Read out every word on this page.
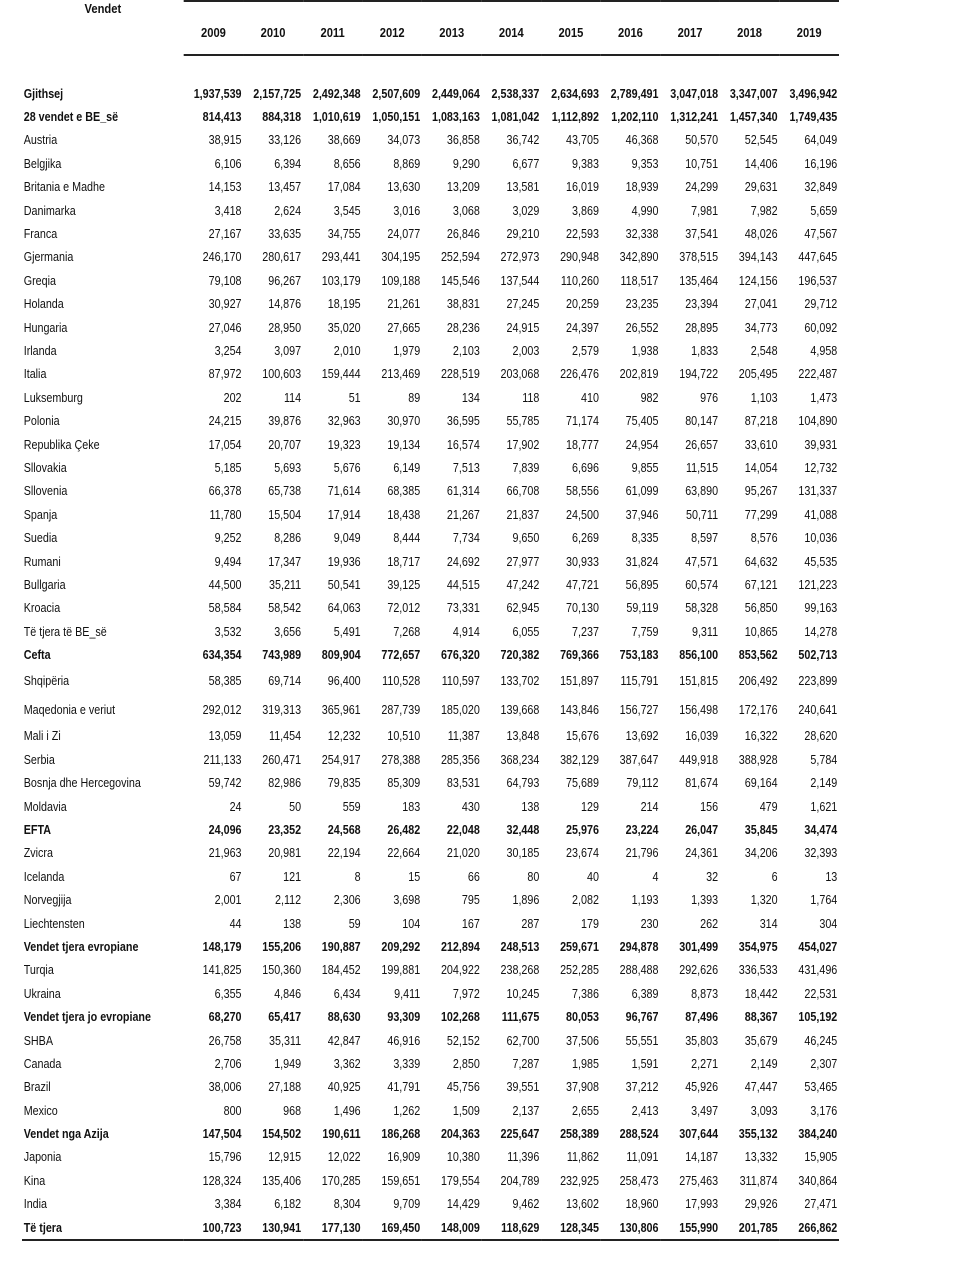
Vendet											
	2009	2010	2011	2012	2013	2014	2015	2016	2017	2018	2019

Gjithsej	1,937,539	2,157,725	2,492,348	2,507,609	2,449,064	2,538,337	2,634,693	2,789,491	3,047,018	3,347,007	3,496,942
28 vendet e BE_së	814,413	884,318	1,010,619	1,050,151	1,083,163	1,081,042	1,112,892	1,202,110	1,312,241	1,457,340	1,749,435
Austria	38,915	33,126	38,669	34,073	36,858	36,742	43,705	46,368	50,570	52,545	64,049
Belgjika	6,106	6,394	8,656	8,869	9,290	6,677	9,383	9,353	10,751	14,406	16,196
Britania e Madhe	14,153	13,457	17,084	13,630	13,209	13,581	16,019	18,939	24,299	29,631	32,849
Danimarka	3,418	2,624	3,545	3,016	3,068	3,029	3,869	4,990	7,981	7,982	5,659
Franca	27,167	33,635	34,755	24,077	26,846	29,210	22,593	32,338	37,541	48,026	47,567
Gjermania	246,170	280,617	293,441	304,195	252,594	272,973	290,948	342,890	378,515	394,143	447,645
Greqia	79,108	96,267	103,179	109,188	145,546	137,544	110,260	118,517	135,464	124,156	196,537
Holanda	30,927	14,876	18,195	21,261	38,831	27,245	20,259	23,235	23,394	27,041	29,712
Hungaria	27,046	28,950	35,020	27,665	28,236	24,915	24,397	26,552	28,895	34,773	60,092
Irlanda	3,254	3,097	2,010	1,979	2,103	2,003	2,579	1,938	1,833	2,548	4,958
Italia	87,972	100,603	159,444	213,469	228,519	203,068	226,476	202,819	194,722	205,495	222,487
Luksemburg	202	114	51	89	134	118	410	982	976	1,103	1,473
Polonia	24,215	39,876	32,963	30,970	36,595	55,785	71,174	75,405	80,147	87,218	104,890
Republika Çeke	17,054	20,707	19,323	19,134	16,574	17,902	18,777	24,954	26,657	33,610	39,931
Sllovakia	5,185	5,693	5,676	6,149	7,513	7,839	6,696	9,855	11,515	14,054	12,732
Sllovenia	66,378	65,738	71,614	68,385	61,314	66,708	58,556	61,099	63,890	95,267	131,337
Spanja	11,780	15,504	17,914	18,438	21,267	21,837	24,500	37,946	50,711	77,299	41,088
Suedia	9,252	8,286	9,049	8,444	7,734	9,650	6,269	8,335	8,597	8,576	10,036
Rumani	9,494	17,347	19,936	18,717	24,692	27,977	30,933	31,824	47,571	64,632	45,535
Bullgaria	44,500	35,211	50,541	39,125	44,515	47,242	47,721	56,895	60,574	67,121	121,223
Kroacia	58,584	58,542	64,063	72,012	73,331	62,945	70,130	59,119	58,328	56,850	99,163
Të tjera të BE_së	3,532	3,656	5,491	7,268	4,914	6,055	7,237	7,759	9,311	10,865	14,278
Cefta	634,354	743,989	809,904	772,657	676,320	720,382	769,366	753,183	856,100	853,562	502,713
Shqipëria	58,385	69,714	96,400	110,528	110,597	133,702	151,897	115,791	151,815	206,492	223,899
Maqedonia e veriut	292,012	319,313	365,961	287,739	185,020	139,668	143,846	156,727	156,498	172,176	240,641
Mali i Zi	13,059	11,454	12,232	10,510	11,387	13,848	15,676	13,692	16,039	16,322	28,620
Serbia	211,133	260,471	254,917	278,388	285,356	368,234	382,129	387,647	449,918	388,928	5,784
Bosnja dhe Hercegovina	59,742	82,986	79,835	85,309	83,531	64,793	75,689	79,112	81,674	69,164	2,149
Moldavia	24	50	559	183	430	138	129	214	156	479	1,621
EFTA	24,096	23,352	24,568	26,482	22,048	32,448	25,976	23,224	26,047	35,845	34,474
Zvicra	21,963	20,981	22,194	22,664	21,020	30,185	23,674	21,796	24,361	34,206	32,393
Icelanda	67	121	8	15	66	80	40	4	32	6	13
Norvegjija	2,001	2,112	2,306	3,698	795	1,896	2,082	1,193	1,393	1,320	1,764
Liechtensten	44	138	59	104	167	287	179	230	262	314	304
Vendet tjera evropiane	148,179	155,206	190,887	209,292	212,894	248,513	259,671	294,878	301,499	354,975	454,027
Turqia	141,825	150,360	184,452	199,881	204,922	238,268	252,285	288,488	292,626	336,533	431,496
Ukraina	6,355	4,846	6,434	9,411	7,972	10,245	7,386	6,389	8,873	18,442	22,531
Vendet tjera jo evropiane	68,270	65,417	88,630	93,309	102,268	111,675	80,053	96,767	87,496	88,367	105,192
SHBA	26,758	35,311	42,847	46,916	52,152	62,700	37,506	55,551	35,803	35,679	46,245
Canada	2,706	1,949	3,362	3,339	2,850	7,287	1,985	1,591	2,271	2,149	2,307
Brazil	38,006	27,188	40,925	41,791	45,756	39,551	37,908	37,212	45,926	47,447	53,465
Mexico	800	968	1,496	1,262	1,509	2,137	2,655	2,413	3,497	3,093	3,176
Vendet nga Azija	147,504	154,502	190,611	186,268	204,363	225,647	258,389	288,524	307,644	355,132	384,240
Japonia	15,796	12,915	12,022	16,909	10,380	11,396	11,862	11,091	14,187	13,332	15,905
Kina	128,324	135,406	170,285	159,651	179,554	204,789	232,925	258,473	275,463	311,874	340,864
India	3,384	6,182	8,304	9,709	14,429	9,462	13,602	18,960	17,993	29,926	27,471
Të tjera	100,723	130,941	177,130	169,450	148,009	118,629	128,345	130,806	155,990	201,785	266,862
